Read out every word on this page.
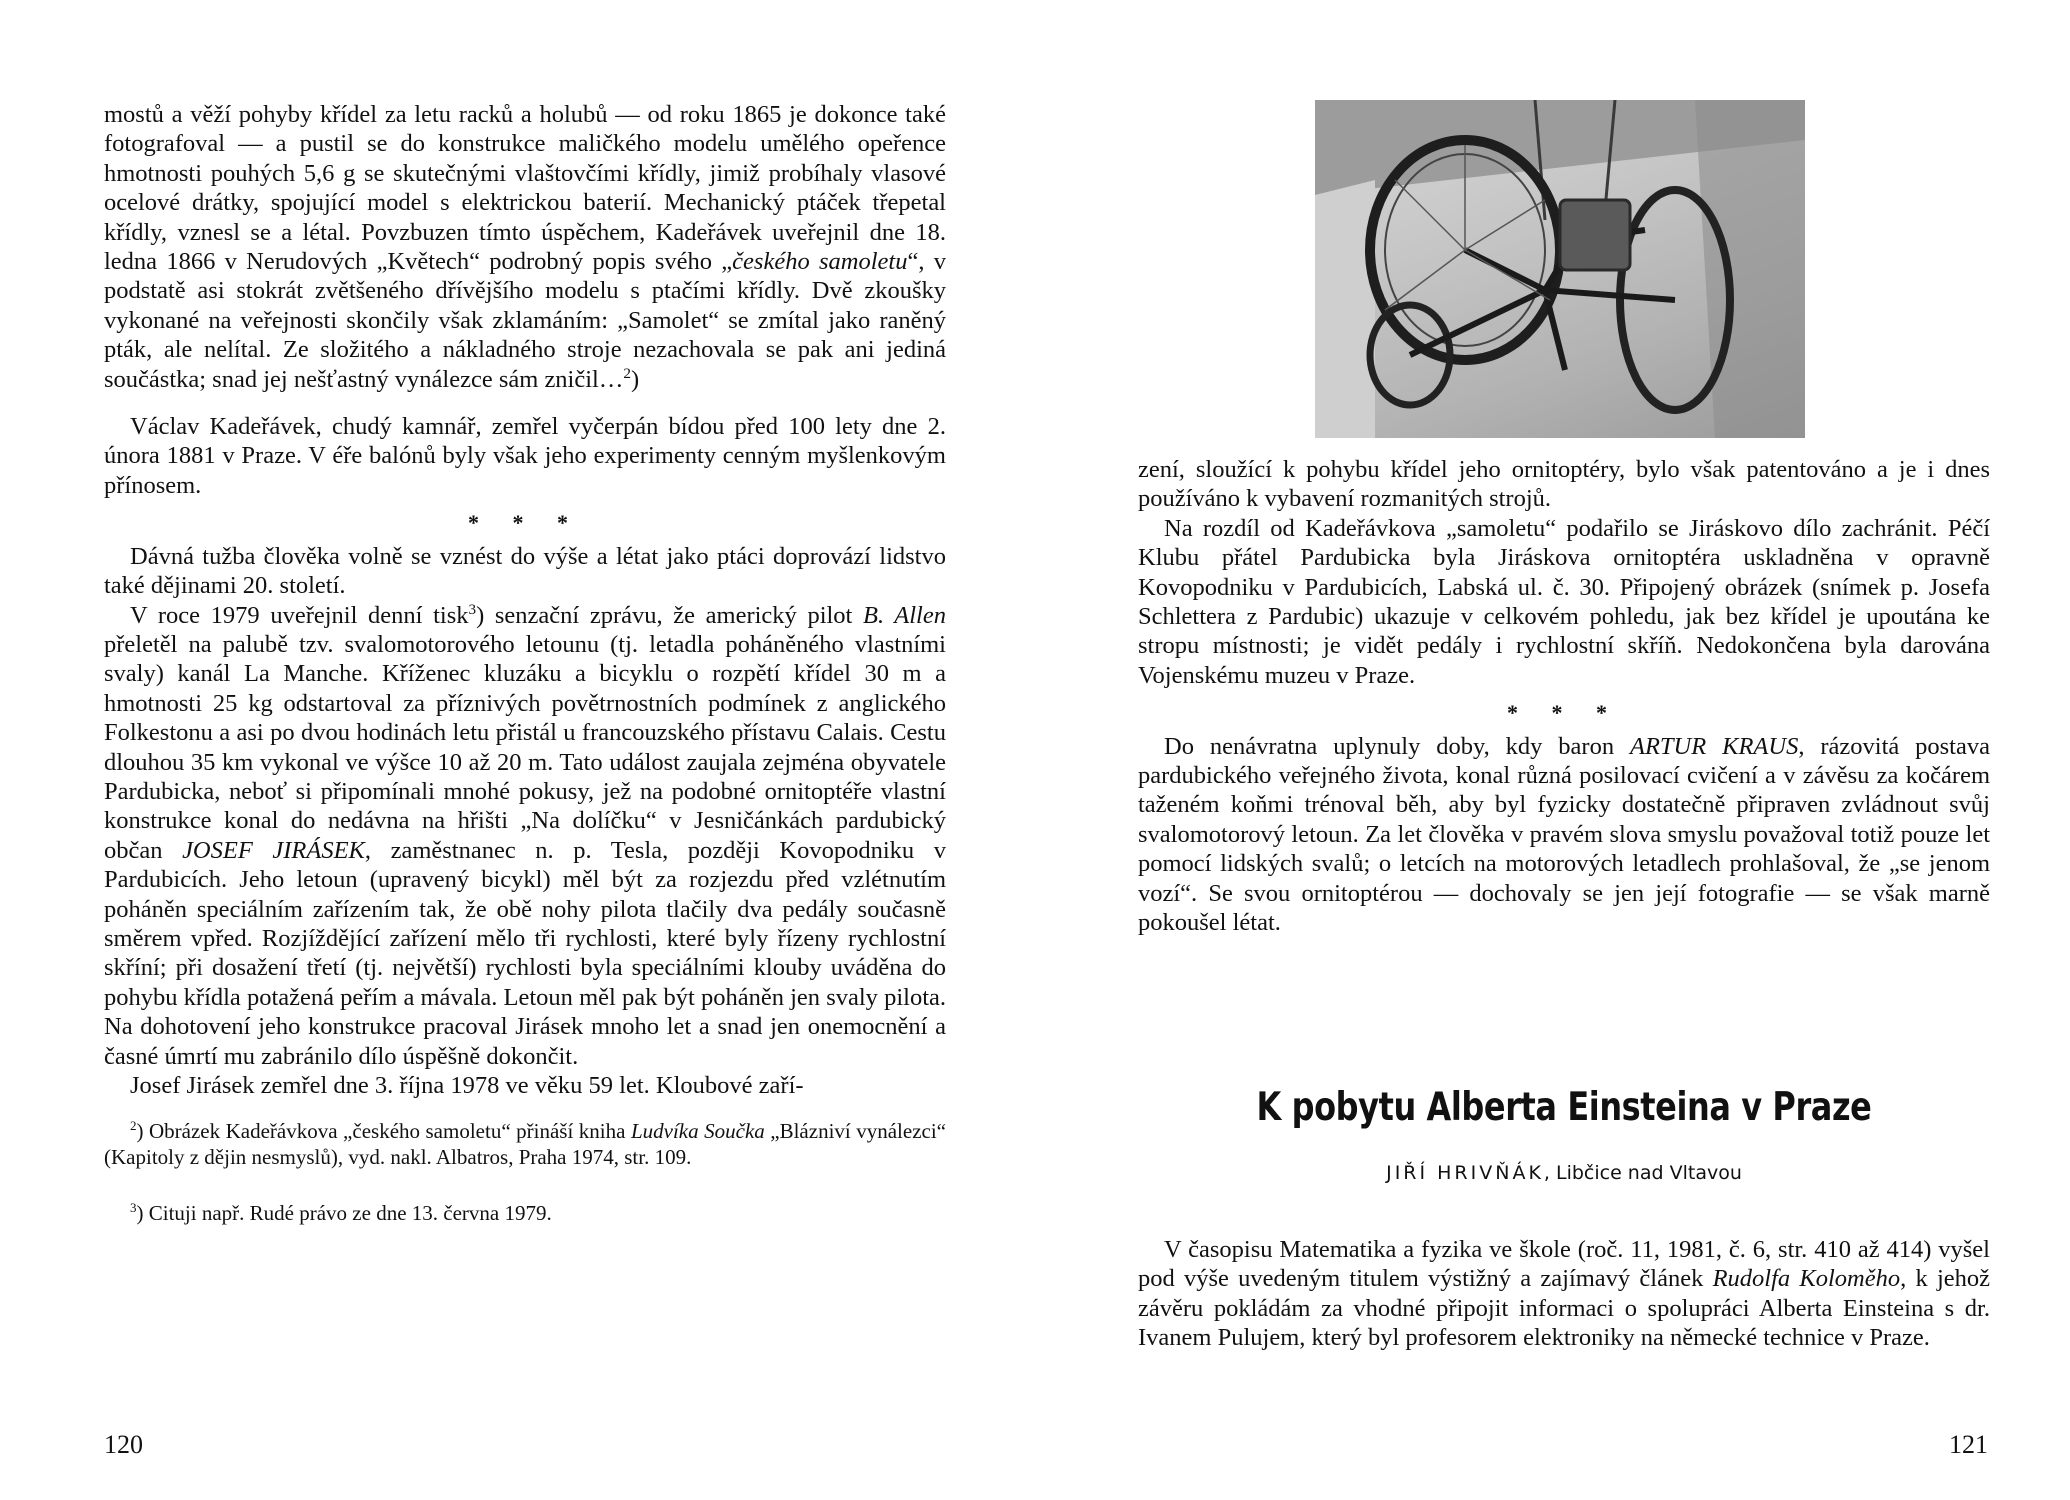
mostů a věží pohyby křídel za letu racků a holubů — od roku 1865 je dokonce také fotografoval — a pustil se do konstrukce maličkého modelu umělého opeřence hmotnosti pouhých 5,6 g se skutečnými vlaštovčími křídly, jimiž probíhaly vlasové ocelové drátky, spojující model s elektrickou baterií. Mechanický ptáček třepetal křídly, vznesl se a létal. Povzbuzen tímto úspěchem, Kadeřávek uveřejnil dne 18. ledna 1866 v Nerudových „Květech“ podrobný popis svého „českého samoletu“, v podstatě asi stokrát zvětšeného dřívějšího modelu s ptačími křídly. Dvě zkoušky vykonané na veřejnosti skončily však zklamáním: „Samolet“ se zmítal jako raněný pták, ale nelítal. Ze složitého a nákladného stroje nezachovala se pak ani jediná součástka; snad jej nešťastný vynálezce sám zničil…$^2$)

Václav Kadeřávek, chudý kamnář, zemřel vyčerpán bídou před 100 lety dne 2. února 1881 v Praze. V éře balónů byly však jeho experimenty cenným myšlenkovým přínosem.

* * *

Dávná tužba člověka volně se vznést do výše a létat jako ptáci doprovází lidstvo také dějinami 20. století.

V roce 1979 uveřejnil denní tisk$^3$) senzační zprávu, že americký pilot B. Allen přeletěl na palubě tzv. svalomotorového letounu (tj. letadla poháněného vlastními svaly) kanál La Manche. Kříženec kluzáku a bicyklu o rozpětí křídel 30 m a hmotnosti 25 kg odstartoval za příznivých povětrnostních podmínek z anglického Folkestonu a asi po dvou hodinách letu přistál u francouzského přístavu Calais. Cestu dlouhou 35 km vykonal ve výšce 10 až 20 m. Tato událost zaujala zejména obyvatele Pardubicka, neboť si připomínali mnohé pokusy, jež na podobné ornitoptéře vlastní konstrukce konal do nedávna na hřišti „Na dolíčku“ v Jesničánkách pardubický občan JOSEF JIRÁSEK, zaměstnanec n. p. Tesla, později Kovopodniku v Pardubicích. Jeho letoun (upravený bicykl) měl být za rozjezdu před vzlétnutím poháněn speciálním zařízením tak, že obě nohy pilota tlačily dva pedály současně směrem vpřed. Rozjíždějící zařízení mělo tři rychlosti, které byly řízeny rychlostní skříní; při dosažení třetí (tj. největší) rychlosti byla speciálními klouby uváděna do pohybu křídla potažená peřím a mávala. Letoun měl pak být poháněn jen svaly pilota. Na dohotovení jeho konstrukce pracoval Jirásek mnoho let a snad jen onemocnění a časné úmrtí mu zabránilo dílo úspěšně dokončit.

Josef Jirásek zemřel dne 3. října 1978 ve věku 59 let. Kloubové zaří-

$^2$) Obrázek Kadeřávkova „českého samoletu“ přináší kniha Ludvíka Součka „Blázniví vynálezci“ (Kapitoly z dějin nesmyslů), vyd. nakl. Albatros, Praha 1974, str. 109.

$^3$) Cituji např. Rudé právo ze dne 13. června 1979.

120

zení, sloužící k pohybu křídel jeho ornitoptéry, bylo však patentováno a je i dnes používáno k vybavení rozmanitých strojů.

Na rozdíl od Kadeřávkova „samoletu“ podařilo se Jiráskovo dílo zachránit. Péčí Klubu přátel Pardubicka byla Jiráskova ornitoptéra uskladněna v opravně Kovopodniku v Pardubicích, Labská ul. č. 30. Připojený obrázek (snímek p. Josefa Schlettera z Pardubic) ukazuje v celkovém pohledu, jak bez křídel je upoutána ke stropu místnosti; je vidět pedály i rychlostní skříň. Nedokončena byla darována Vojenskému muzeu v Praze.

* * *

Do nenávratna uplynuly doby, kdy baron ARTUR KRAUS, rázovitá postava pardubického veřejného života, konal různá posilovací cvičení a v závěsu za kočárem taženém koňmi trénoval běh, aby byl fyzicky dostatečně připraven zvládnout svůj svalomotorový letoun. Za let člověka v pravém slova smyslu považoval totiž pouze let pomocí lidských svalů; o letcích na motorových letadlech prohlašoval, že „se jenom vozí“. Se svou ornitoptérou — dochovaly se jen její fotografie — se však marně pokoušel létat.

K pobytu Alberta Einsteina v Praze
JIŘÍ HRIVŇÁK, Libčice nad Vltavou

V časopisu Matematika a fyzika ve škole (roč. 11, 1981, č. 6, str. 410 až 414) vyšel pod výše uvedeným titulem výstižný a zajímavý článek Rudolfa Koloměho, k jehož závěru pokládám za vhodné připojit informaci o spolupráci Alberta Einsteina s dr. Ivanem Pulujem, který byl profesorem elektroniky na německé technice v Praze.

121
